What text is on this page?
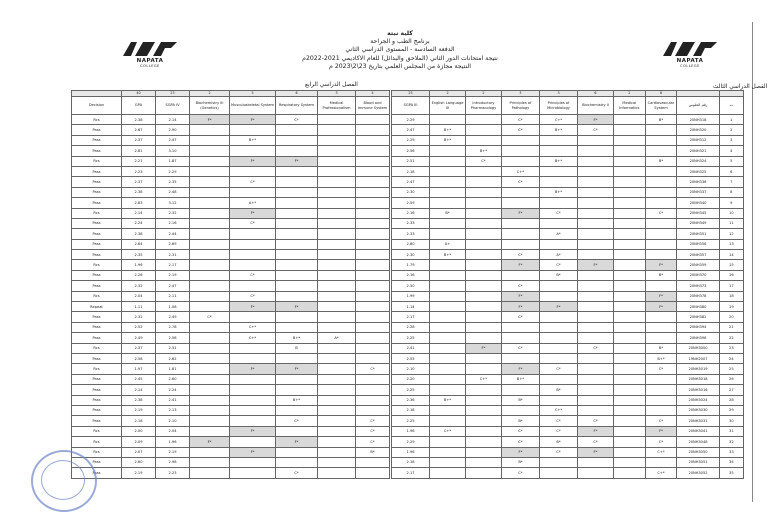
NAPATA
COLLEGE
NAPATA
COLLEGE
كلية نبتة
برنامج الطب و الجراحة
الدفعة السادسة - المستوى الدراسي الثاني
نتيجة امتحانات الدور الثاني (الملاحق والبدائل) للعام الاكاديمي 2021-2022م
النتيجة مجازة من المجلس العلمي بتاريخ 23\2\2023 م
الفصل الدراسي الرابع	الفصل الدراسي الثالث
	40	23	2	5	6	3	4
Decision	GPA	SGPA IV	Biochemistry III (Genetics)	Musculoskeletal System	Respiratory System	Medical Professionalism	Blood and Immune System
Rcs	2.38	2.14	F*	F*	C*		
Pass	2.67	2.90					
Pass	2.37	2.47		B+*			
Pass	2.81	3.10					
Rcs	2.21	1.87		F*	F*		
Pass	2.23	2.29					
Pass	2.37	2.35		C*			
Pass	2.38	2.48					
Pass	2.83	3.12		A+*			
Rcs	2.14	2.32		F*			
Pass	2.24	2.16		C*			
Pass	2.38	2.44					
Pass	2.64	2.69					
Pass	2.35	2.31					
Rcs	1.96	2.17					
Pass	2.26	2.19		C*			
Pass	2.32	2.47					
Rcs	2.04	2.11		C*			
Repeat	1.11	1.08		F*	F*		
Pass	2.32	2.49	C*				
Pass	2.52	2.78		C+*			
Pass	2.49	2.58		C+*	B+*	A*	
Rcs	2.37	2.31			B		
Pass	2.58	2.62					
Rcs	1.97	1.81		F*	F*		C*
Pass	2.45	2.60					
Pass	2.14	2.24					
Pass	2.38	2.41			B+*		
Pass	2.19	2.13					
Pass	2.18	2.10			C*		C*
Rcs	2.00	2.04		F*			C*
Rcs	2.09	1.96	F*		F*		C*
Rcs	2.07	2.19		F*			B*
Pass	2.60	2.98					
Pass	2.19	2.23			C*		
25	2	2	3	3	6	2	6		
SGPA III	English Language III	Introductory Pharmacology	Principles of Pathology	Principles of Microbiology	Biochemistry II	Medical Informatics	Cardiovascular System	رقم الجلوس	ت
2.29			C*	C+*	F*		B*	20NH318	1
2.47	B+*		C*	B+*	C*			20NH320	2
2.29	B+*							20NH312	3
2.56		B+*						20NH321	4
2.51		C*		B+*			B*	20NH324	5
2.18			C+*					20NH325	6
2.47			C*					20NH336	7
2.30				B+*				20NH337	8
2.59								20NH340	9
2.16	B*		F*	C*			C*	20NH345	10
2.33								20NH349	11
2.33				A*				20NH351	12
2.60	A+							20NH356	13
2.30	B+*		C*	A*				20NH357	14
1.79			F*	C*	F*		F*	20NH359	15
2.16				B*			B*	20NH370	16
2.50			C*					20NH373	17
1.99			F*				F*	20NH378	18
1.14			F*	F*			F*	20NH380	19
2.17			C*					20NH382	20
2.28								20NH394	21
2.25								20NH396	22
2.41		F*	C*		C*		B*	20NH3000	23
2.55							B+*	19NH2007	24
2.10			F*	C*			C*	20NH3019	25
2.20		C+*	B+*					20NH3018	26
2.25				B*				20NH3016	27
2.36	B+*		B*					20NH3024	28
2.18				C+*				20NH3030	29
2.25			B*	C*	C*		C*	20NH3031	30
1.96	C+*		C*	C*	F*		F*	20NH3041	31
2.29			C*	B*	C*		C*	20NH3048	32
1.96			F*	C*	F*		C+*	20NH3050	33
2.18			B*					20NH3051	34
2.17			C*				C+*	20NH3052	35
